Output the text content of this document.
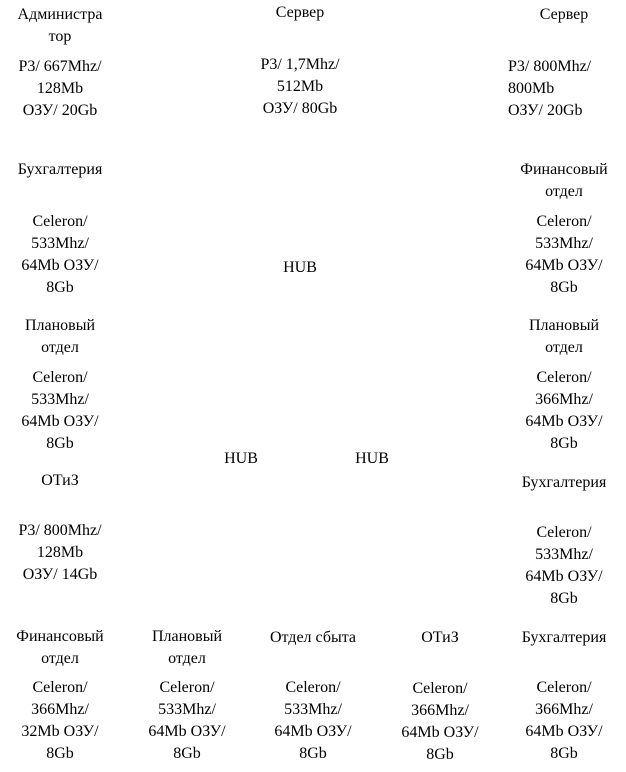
Администра
тор
P3/ 667Mhz/
128Mb
ОЗУ/ 20Gb
Сервер
P3/ 1,7Mhz/
512Mb
ОЗУ/ 80Gb
Сервер
P3/ 800Mhz/
800Mb
ОЗУ/ 20Gb
Бухгалтерия
Celeron/
533Mhz/
64Mb ОЗУ/
8Gb
Финансовый
отдел
Celeron/
533Mhz/
64Mb ОЗУ/
8Gb
HUB
Плановый
отдел
Celeron/
533Mhz/
64Mb ОЗУ/
8Gb
Плановый
отдел
Celeron/
366Mhz/
64Mb ОЗУ/
8Gb
HUB	HUB
ОТиЗ
P3/ 800Mhz/
128Mb
ОЗУ/ 14Gb
Бухгалтерия
Celeron/
533Mhz/
64Mb ОЗУ/
8Gb
Финансовый
отдел
Celeron/
366Mhz/
32Mb ОЗУ/
8Gb
Плановый
отдел
Celeron/
533Mhz/
64Mb ОЗУ/
8Gb
Отдел сбыта
Celeron/
533Mhz/
64Mb ОЗУ/
8Gb
ОТиЗ
Celeron/
366Mhz/
64Mb ОЗУ/
8Gb
Бухгалтерия
Celeron/
366Mhz/
64Mb ОЗУ/
8Gb
